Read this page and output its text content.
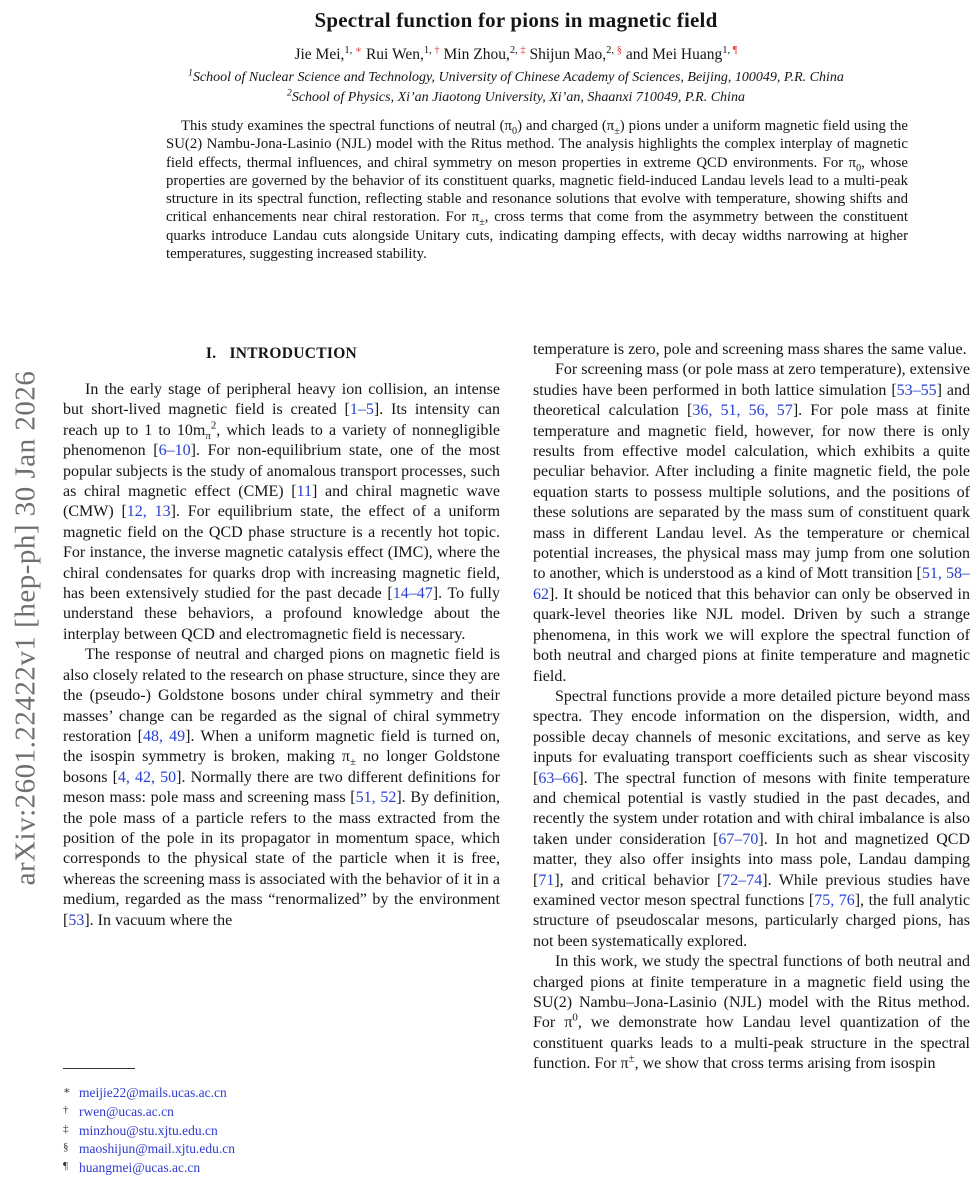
arXiv:2601.22422v1 [hep-ph] 30 Jan 2026
Spectral function for pions in magnetic field
Jie Mei,$^{1, ∗}$ Rui Wen,$^{1, \dagger}$ Min Zhou,$^{2, \ddagger}$ Shijun Mao,$^{2, \S}$ and Mei Huang$^{1, \P}$
$^1$School of Nuclear Science and Technology, University of Chinese Academy of Sciences, Beijing, 100049, P.R. China
$^2$School of Physics, Xi’an Jiaotong University, Xi’an, Shaanxi 710049, P.R. China
This study examines the spectral functions of neutral $(\pi_0)$ and charged $(\pi_\pm)$ pions under a uniform magnetic field using the SU(2) Nambu-Jona-Lasinio (NJL) model with the Ritus method. The analysis highlights the complex interplay of magnetic field effects, thermal influences, and chiral symmetry on meson properties in extreme QCD environments. For $\pi_0$, whose properties are governed by the behavior of its constituent quarks, magnetic field-induced Landau levels lead to a multi-peak structure in its spectral function, reflecting stable and resonance solutions that evolve with temperature, showing shifts and critical enhancements near chiral restoration. For $\pi_\pm$, cross terms that come from the asymmetry between the constituent quarks introduce Landau cuts alongside Unitary cuts, indicating damping effects, with decay widths narrowing at higher temperatures, suggesting increased stability.
I. INTRODUCTION

In the early stage of peripheral heavy ion collision, an intense but short-lived magnetic field is created [1–5]. Its intensity can reach up to 1 to $10m_\pi^2$, which leads to a variety of nonnegligible phenomenon [6–10]. For non-equilibrium state, one of the most popular subjects is the study of anomalous transport processes, such as chiral magnetic effect (CME) [11] and chiral magnetic wave (CMW) [12, 13]. For equilibrium state, the effect of a uniform magnetic field on the QCD phase structure is a recently hot topic. For instance, the inverse magnetic catalysis effect (IMC), where the chiral condensates for quarks drop with increasing magnetic field, has been extensively studied for the past decade [14–47]. To fully understand these behaviors, a profound knowledge about the interplay between QCD and electromagnetic field is necessary.

The response of neutral and charged pions on magnetic field is also closely related to the research on phase structure, since they are the (pseudo-) Goldstone bosons under chiral symmetry and their masses’ change can be regarded as the signal of chiral symmetry restoration [48, 49]. When a uniform magnetic field is turned on, the isospin symmetry is broken, making $\pi_\pm$ no longer Goldstone bosons [4, 42, 50]. Normally there are two different definitions for meson mass: pole mass and screening mass [51, 52]. By definition, the pole mass of a particle refers to the mass extracted from the position of the pole in its propagator in momentum space, which corresponds to the physical state of the particle when it is free, whereas the screening mass is associated with the behavior of it in a medium, regarded as the mass “renormalized” by the environment [53]. In vacuum where the

temperature is zero, pole and screening mass shares the same value.

For screening mass (or pole mass at zero temperature), extensive studies have been performed in both lattice simulation [53–55] and theoretical calculation [36, 51, 56, 57]. For pole mass at finite temperature and magnetic field, however, for now there is only results from effective model calculation, which exhibits a quite peculiar behavior. After including a finite magnetic field, the pole equation starts to possess multiple solutions, and the positions of these solutions are separated by the mass sum of constituent quark mass in different Landau level. As the temperature or chemical potential increases, the physical mass may jump from one solution to another, which is understood as a kind of Mott transition [51, 58–62]. It should be noticed that this behavior can only be observed in quark-level theories like NJL model. Driven by such a strange phenomena, in this work we will explore the spectral function of both neutral and charged pions at finite temperature and magnetic field.

Spectral functions provide a more detailed picture beyond mass spectra. They encode information on the dispersion, width, and possible decay channels of mesonic excitations, and serve as key inputs for evaluating transport coefficients such as shear viscosity [63–66]. The spectral function of mesons with finite temperature and chemical potential is vastly studied in the past decades, and recently the system under rotation and with chiral imbalance is also taken under consideration [67–70]. In hot and magnetized QCD matter, they also offer insights into mass pole, Landau damping [71], and critical behavior [72–74]. While previous studies have examined vector meson spectral functions [75, 76], the full analytic structure of pseudoscalar mesons, particularly charged pions, has not been systematically explored.

In this work, we study the spectral functions of both neutral and charged pions at finite temperature in a magnetic field using the SU(2) Nambu–Jona-Lasinio (NJL) model with the Ritus method. For $\pi^0$, we demonstrate how Landau level quantization of the constituent quarks leads to a multi-peak structure in the spectral function. For π±, we show that cross terms arising from isospin

∗ meijie22@mails.ucas.ac.cn
† rwen@ucas.ac.cn
‡ minzhou@stu.xjtu.edu.cn
§ maoshijun@mail.xjtu.edu.cn
¶ huangmei@ucas.ac.cn
